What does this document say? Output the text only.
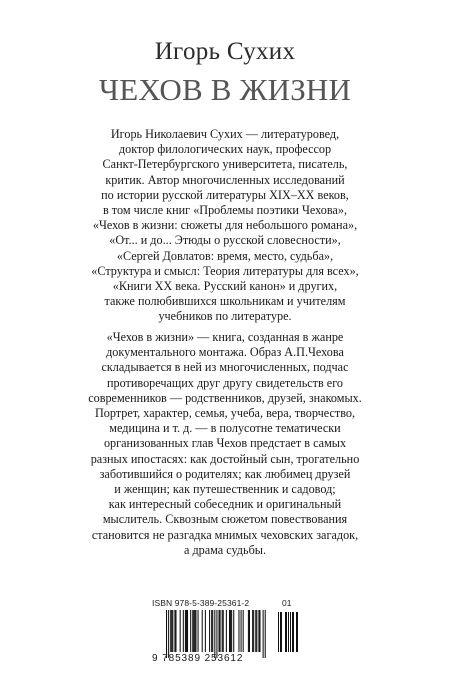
Игорь Сухих
ЧЕХОВ В ЖИЗНИ
Игорь Николаевич Сухих — литературовед,
доктор филологических наук, профессор
Санкт-Петербургского университета, писатель,
критик. Автор многочисленных исследований
по истории русской литературы XIX–XX веков,
в том числе книг «Проблемы поэтики Чехова»,
«Чехов в жизни: сюжеты для небольшого романа»,
«От... и до... Этюды о русской словесности»,
«Сергей Довлатов: время, место, судьба»,
«Структура и смысл: Теория литературы для всех»,
«Книги XX века. Русский канон» и других,
также полюбившихся школьникам и учителям
учебников по литературе.
«Чехов в жизни» — книга, созданная в жанре
документального монтажа. Образ А.П.Чехова
складывается в ней из многочисленных, подчас
противоречащих друг другу свидетельств его
современников — родственников, друзей, знакомых.
Портрет, характер, семья, учеба, вера, творчество,
медицина и т. д. — в полусотне тематически
организованных глав Чехов предстает в самых
разных ипостасях: как достойный сын, трогательно
заботившийся о родителях; как любимец друзей
и женщин; как путешественник и садовод;
как интересный собеседник и оригинальный
мыслитель. Сквозным сюжетом повествования
становится не разгадка мнимых чеховских загадок,
а драма судьбы.
ISBN 978-5-389-25361-2	01
9 785389 253612
